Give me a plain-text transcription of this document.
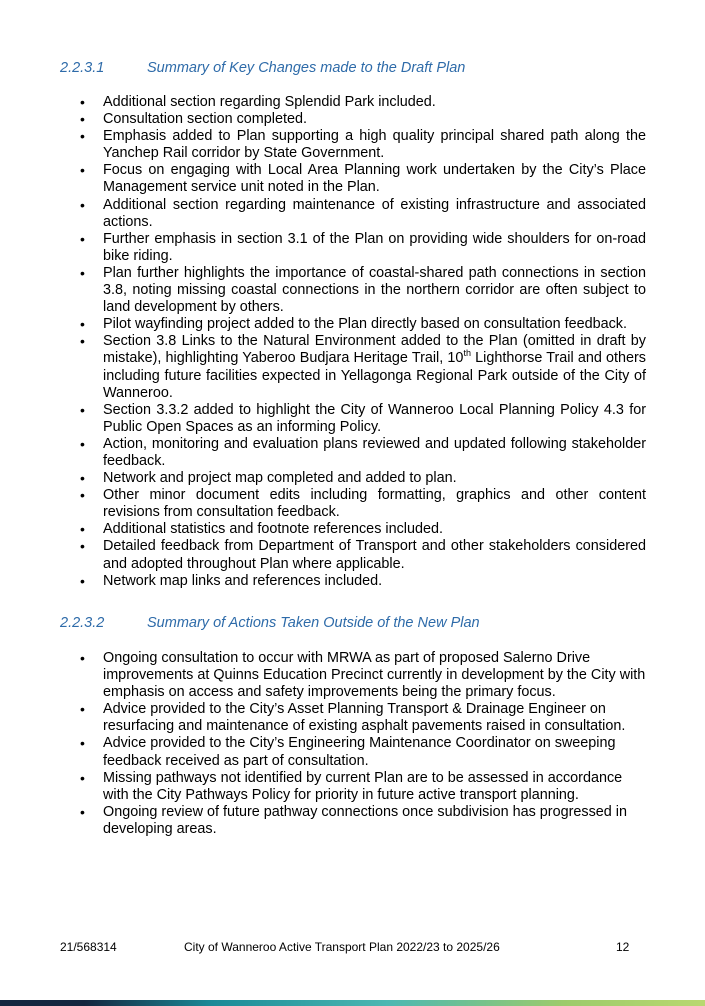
2.2.3.1	Summary of Key Changes made to the Draft Plan
• Additional section regarding Splendid Park included.
• Consultation section completed.
• Emphasis added to Plan supporting a high quality principal shared path along the Yanchep Rail corridor by State Government.
• Focus on engaging with Local Area Planning work undertaken by the City’s Place Management service unit noted in the Plan.
• Additional section regarding maintenance of existing infrastructure and associated actions.
• Further emphasis in section 3.1 of the Plan on providing wide shoulders for on-road bike riding.
• Plan further highlights the importance of coastal-shared path connections in section 3.8, noting missing coastal connections in the northern corridor are often subject to land development by others.
• Pilot wayfinding project added to the Plan directly based on consultation feedback.
• Section 3.8 Links to the Natural Environment added to the Plan (omitted in draft by mistake), highlighting Yaberoo Budjara Heritage Trail, 10th Lighthorse Trail and others including future facilities expected in Yellagonga Regional Park outside of the City of Wanneroo.
• Section 3.3.2 added to highlight the City of Wanneroo Local Planning Policy 4.3 for Public Open Spaces as an informing Policy.
• Action, monitoring and evaluation plans reviewed and updated following stakeholder feedback.
• Network and project map completed and added to plan.
• Other minor document edits including formatting, graphics and other content revisions from consultation feedback.
• Additional statistics and footnote references included.
• Detailed feedback from Department of Transport and other stakeholders considered and adopted throughout Plan where applicable.
• Network map links and references included.
2.2.3.2	Summary of Actions Taken Outside of the New Plan
• Ongoing consultation to occur with MRWA as part of proposed Salerno Drive improvements at Quinns Education Precinct currently in development by the City with emphasis on access and safety improvements being the primary focus.
• Advice provided to the City’s Asset Planning Transport & Drainage Engineer on resurfacing and maintenance of existing asphalt pavements raised in consultation.
• Advice provided to the City’s Engineering Maintenance Coordinator on sweeping feedback received as part of consultation.
• Missing pathways not identified by current Plan are to be assessed in accordance with the City Pathways Policy for priority in future active transport planning.
• Ongoing review of future pathway connections once subdivision has progressed in developing areas.
21/568314	City of Wanneroo Active Transport Plan 2022/23 to 2025/26	12
